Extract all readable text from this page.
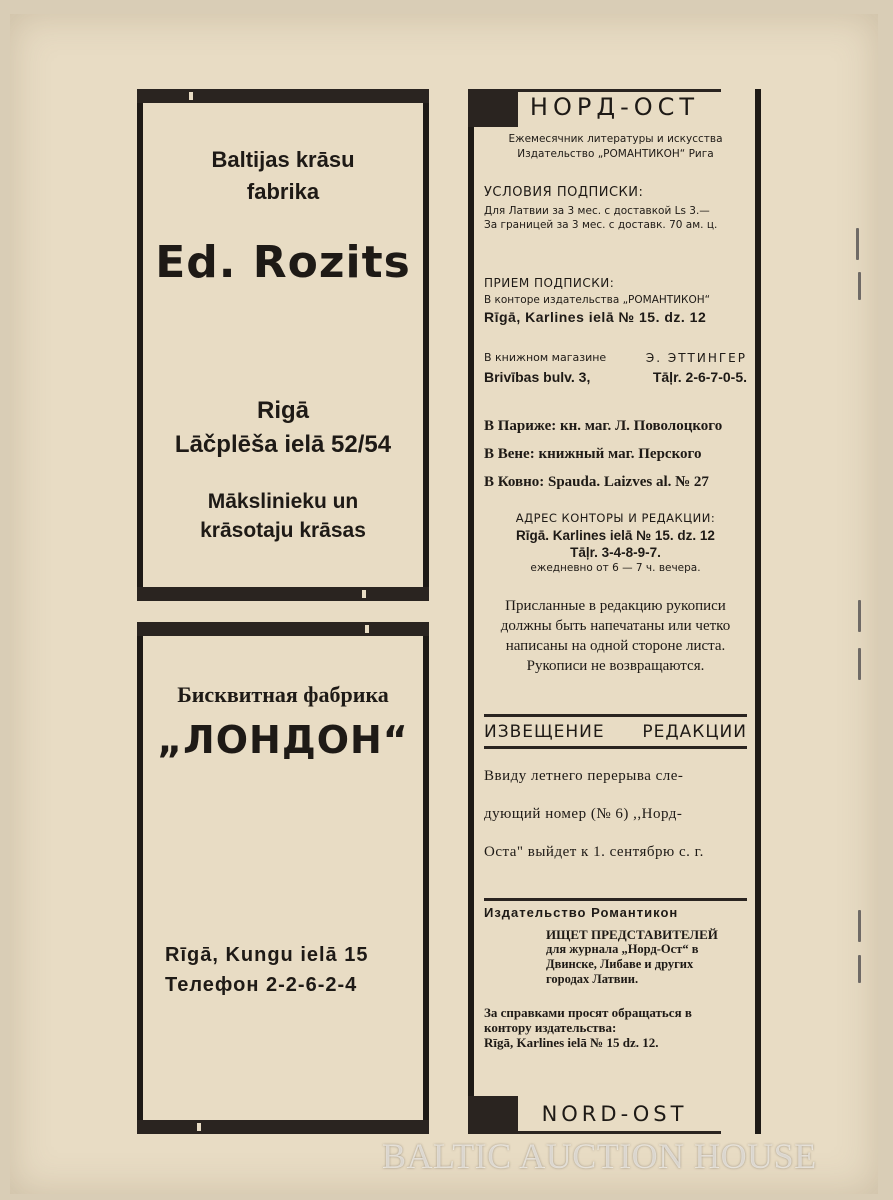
Baltijas krāsu
fabrika
Ed. Rozits
Rigā
Lāčplēša ielā 52/54
Mākslinieku un
krāsotaju krāsas
Бисквитная фабрика
„ЛОНДОН“
Rīgā, Kungu ielā 15
Телефон 2-2-6-2-4
НОРД-ОСТ
Ежемесячник литературы и искусства
Издательство „РОМАНТИКОН“ Рига
УСЛОВИЯ ПОДПИСКИ:
Для Латвии за 3 мес. с доставкой Ls 3.—
За границей за 3 мес. с доставк. 70 ам. ц.
ПРИЕМ ПОДПИСКИ:
В конторе издательства „РОМАНТИКОН“
Rīgā, Karlines ielā № 15. dz. 12
В книжном магазине	Э. ЭТТИНГЕР
Brivības bulv. 3,	Tāļr. 2-6-7-0-5.
В Париже: кн. маг. Л. Поволоцкого
В Вене: книжный маг. Перского
В Ковно: Spauda. Laizves al. № 27
АДРЕС КОНТОРЫ И РЕДАКЦИИ:
Rīgā. Karlines ielā № 15. dz. 12
Tāļr. 3-4-8-9-7.
ежедневно от 6 — 7 ч. вечера.
Присланные в редакцию рукописи
должны быть напечатаны или четко
написаны на одной стороне листа.
Рукописи не возвращаются.
ИЗВЕЩЕНИЕ РЕДАКЦИИ
Ввиду летнего перерыва сле-
дующий номер (№ 6) ,,Норд-
Оста" выйдет к 1. сентябрю с. г.
Издательство Романтикон
ИЩЕТ ПРЕДСТАВИТЕЛЕЙ
для журнала „Норд-Ост“ в
Двинске, Либаве и других
городах Латвии.
За справками просят обращаться в
контору издательства:
Rīgā, Karlines ielā № 15 dz. 12.
NORD-OST
BALTIC AUCTION HOUSE
